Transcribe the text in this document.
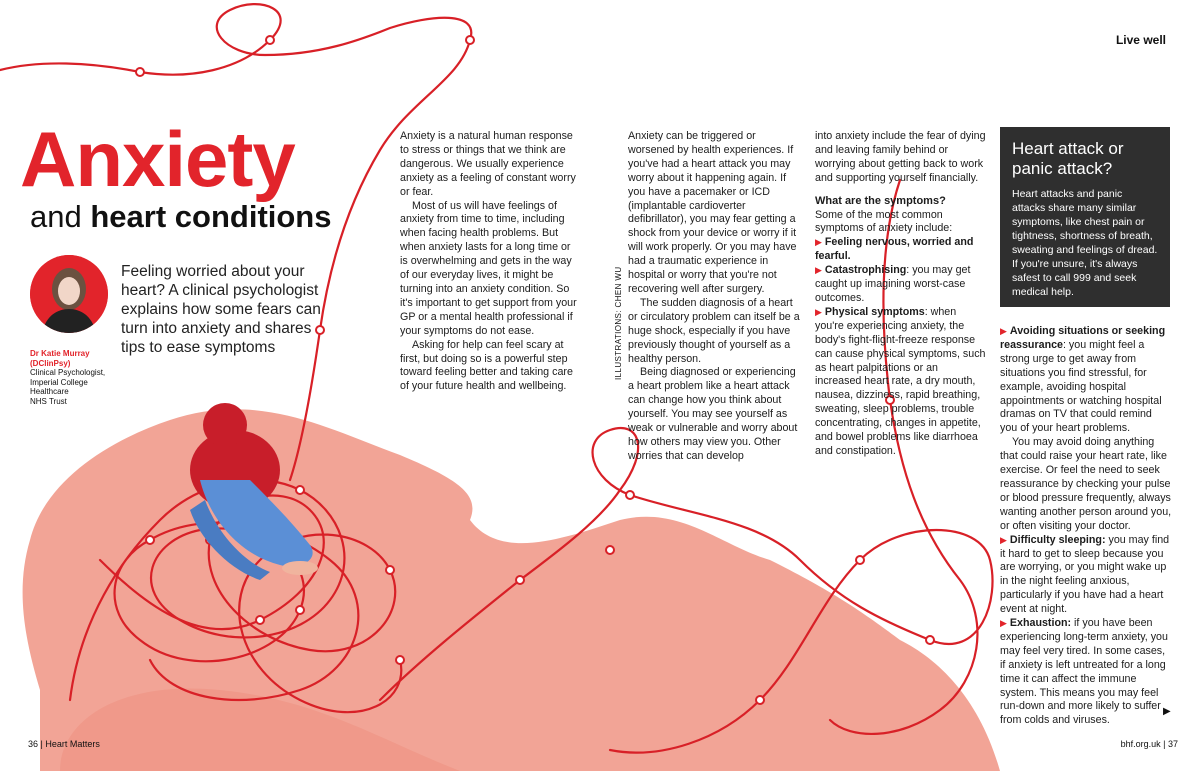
Live well
Anxiety
and heart conditions
Feeling worried about your heart? A clinical psychologist explains how some fears can turn into anxiety and shares tips to ease symptoms
Dr Katie Murray (DClinPsy)
Clinical Psychologist,
Imperial College
Healthcare
NHS Trust

Anxiety is a natural human response to stress or things that we think are dangerous. We usually experience anxiety as a feeling of constant worry or fear.

Most of us will have feelings of anxiety from time to time, including when facing health problems. But when anxiety lasts for a long time or is overwhelming and gets in the way of our everyday lives, it might be turning into an anxiety condition. So it's important to get support from your GP or a mental health professional if your symptoms do not ease.

Asking for help can feel scary at first, but doing so is a powerful step toward feeling better and taking care of your future health and wellbeing.

Anxiety can be triggered or worsened by health experiences. If you've had a heart attack you may worry about it happening again. If you have a pacemaker or ICD (implantable cardioverter defibrillator), you may fear getting a shock from your device or worry if it will work properly. Or you may have had a traumatic experience in hospital or worry that you're not recovering well after surgery.

The sudden diagnosis of a heart or circulatory problem can itself be a huge shock, especially if you have previously thought of yourself as a healthy person.

Being diagnosed or experiencing a heart problem like a heart attack can change how you think about yourself. You may see yourself as weak or vulnerable and worry about how others may view you. Other worries that can develop

ILLUSTRATIONS: CHEN WU

into anxiety include the fear of dying and leaving family behind or worrying about getting back to work and supporting yourself financially.

What are the symptoms?

Some of the most common symptoms of anxiety include:

▶ Feeling nervous, worried and fearful.

▶ Catastrophising: you may get caught up imagining worst-case outcomes.

▶ Physical symptoms: when you're experiencing anxiety, the body's fight-flight-freeze response can cause physical symptoms, such as heart palpitations or an increased heart rate, a dry mouth, nausea, dizziness, rapid breathing, sweating, sleep problems, trouble concentrating, changes in appetite, and bowel problems like diarrhoea and constipation.

Heart attack or panic attack?

Heart attacks and panic attacks share many similar symptoms, like chest pain or tightness, shortness of breath, sweating and feelings of dread. If you're unsure, it's always safest to call 999 and seek medical help.

▶ Avoiding situations or seeking reassurance: you might feel a strong urge to get away from situations you find stressful, for example, avoiding hospital appointments or watching hospital dramas on TV that could remind you of your heart problems.

You may avoid doing anything that could raise your heart rate, like exercise. Or feel the need to seek reassurance by checking your pulse or blood pressure frequently, always wanting another person around you, or often visiting your doctor.

▶ Difficulty sleeping: you may find it hard to get to sleep because you are worrying, or you might wake up in the night feeling anxious, particularly if you have had a heart event at night.

▶ Exhaustion: if you have been experiencing long-term anxiety, you may feel very tired. In some cases, if anxiety is left untreated for a long time it can affect the immune system. This means you may feel run-down and more likely to suffer from colds and viruses.

▶
36 | Heart Matters	bhf.org.uk | 37
